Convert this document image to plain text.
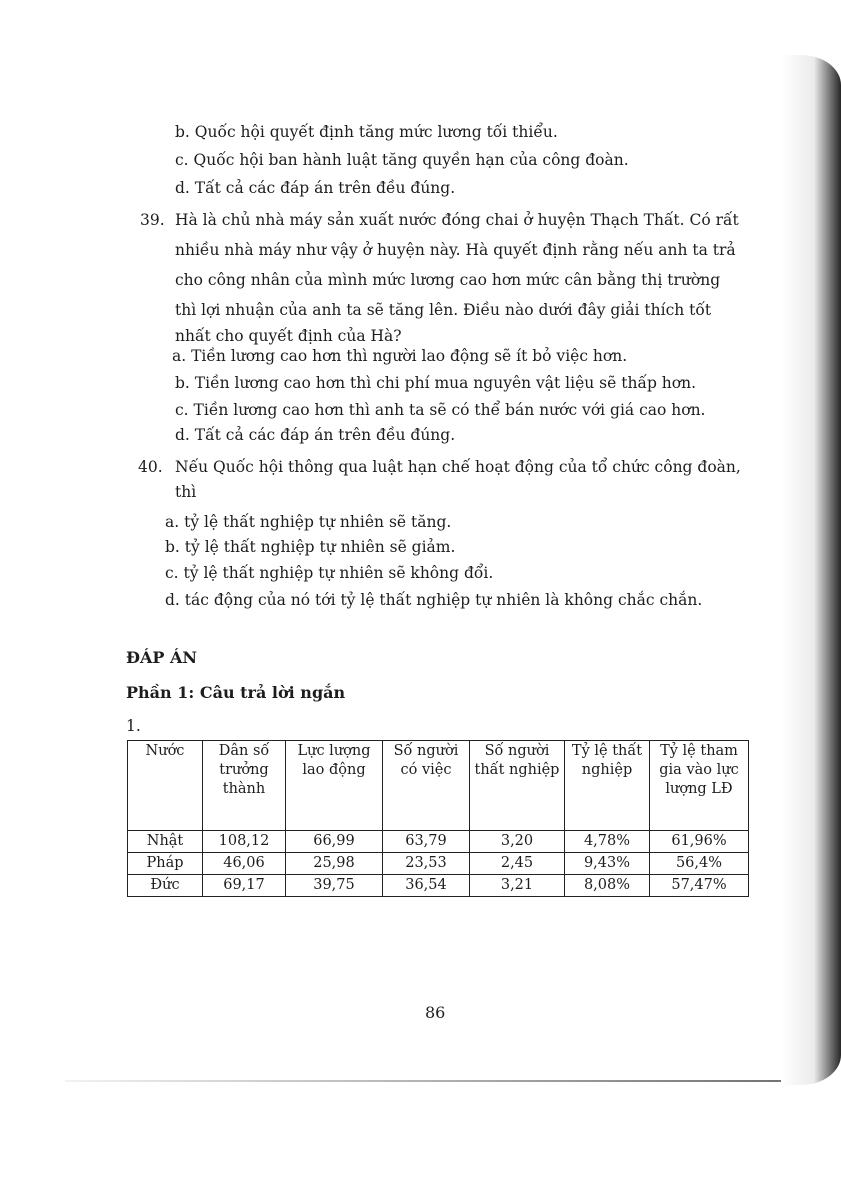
b. Quốc hội quyết định tăng mức lương tối thiểu.
c. Quốc hội ban hành luật tăng quyền hạn của công đoàn.
d. Tất cả các đáp án trên đều đúng.
39. Hà là chủ nhà máy sản xuất nước đóng chai ở huyện Thạch Thất. Có rất
nhiều nhà máy như vậy ở huyện này. Hà quyết định rằng nếu anh ta trả
cho công nhân của mình mức lương cao hơn mức cân bằng thị trường
thì lợi nhuận của anh ta sẽ tăng lên. Điều nào dưới đây giải thích tốt
nhất cho quyết định của Hà?
a. Tiền lương cao hơn thì người lao động sẽ ít bỏ việc hơn.
b. Tiền lương cao hơn thì chi phí mua nguyên vật liệu sẽ thấp hơn.
c. Tiền lương cao hơn thì anh ta sẽ có thể bán nước với giá cao hơn.
d. Tất cả các đáp án trên đều đúng.
40. Nếu Quốc hội thông qua luật hạn chế hoạt động của tổ chức công đoàn,
thì
a. tỷ lệ thất nghiệp tự nhiên sẽ tăng.
b. tỷ lệ thất nghiệp tự nhiên sẽ giảm.
c. tỷ lệ thất nghiệp tự nhiên sẽ không đổi.
d. tác động của nó tới tỷ lệ thất nghiệp tự nhiên là không chắc chắn.
ĐÁP ÁN
Phần 1: Câu trả lời ngắn
1.
Nước	Dân số trưởng thành	Lực lượng lao động	Số người có việc	Số người thất nghiệp	Tỷ lệ thất nghiệp	Tỷ lệ tham gia vào lực lượng LĐ
Nhật	108,12	66,99	63,79	3,20	4,78%	61,96%
Pháp	46,06	25,98	23,53	2,45	9,43%	56,4%
Đức	69,17	39,75	36,54	3,21	8,08%	57,47%
86
